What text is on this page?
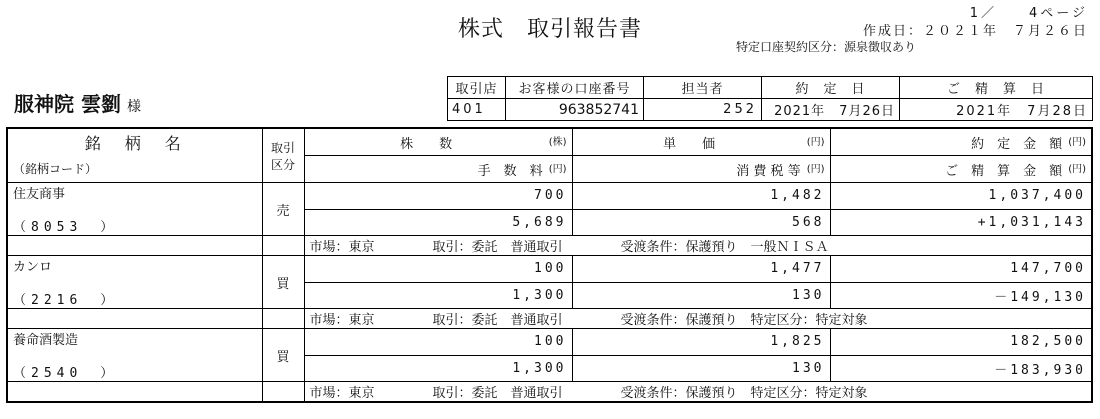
1／　　4ページ
作成日：２０２１年　７月２６日
株式　取引報告書
特定口座契約区分：源泉徴収あり
服神院 雲劉 様
取引店	お客様の口座番号	担当者	約　定　日	ご　精　算　日
401	963852741	252	2021年　7月26日	2021年　7月28日
銘　柄　名	取引区分	株　　数 (株)	単　　価 (円)	約　定　金　額 (円)

（銘柄コード）		手　数　料 (円)	消 費 税 等 (円)	ご　精　算　金　額 (円)

住友商事
（8053　）	売	700	1,482	1,037,400
		5,689	568	+1,031,143
		市場：東京 取引：委託　普通取引 受渡条件：保護預り　一般ＮＩＳＡ		

カンロ
（2216　）	買	100	1,477	147,700
		1,300	130	－149,130
		市場：東京 取引：委託　普通取引 受渡条件：保護預り　特定区分：特定対象		

養命酒製造
（2540　）	買	100	1,825	182,500
		1,300	130	－183,930
		市場：東京 取引：委託　普通取引 受渡条件：保護預り　特定区分：特定対象		
